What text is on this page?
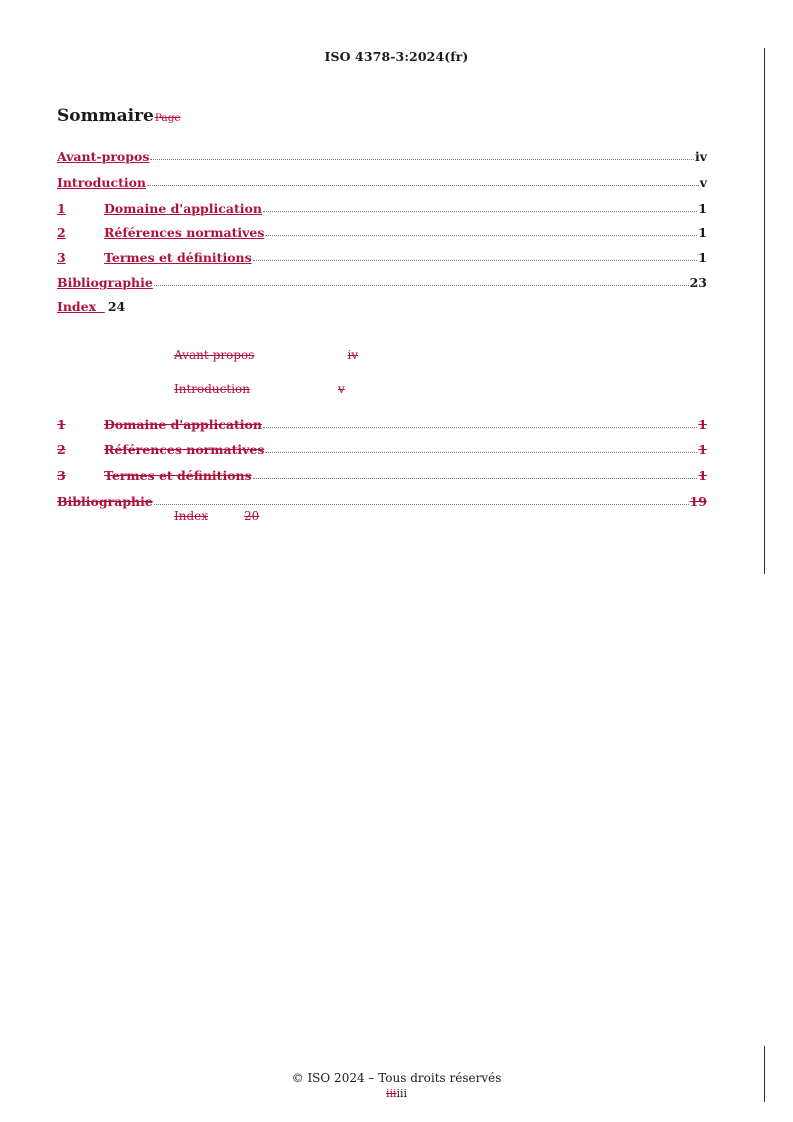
ISO 4378-3:2024(fr)
SommairePage
Avant-propos	iv
Introduction	v
1	Domaine d'application	1
2	Références normatives	1
3	Termes et définitions	1
Bibliographie	23
Index 24
Avant-propos	iv
Introduction	v
1	Domaine d'application	1
2	Références normatives	1
3	Termes et définitions	1
Bibliographie	19
Index	20
© ISO 2024 – Tous droits réservés
iiiiii
